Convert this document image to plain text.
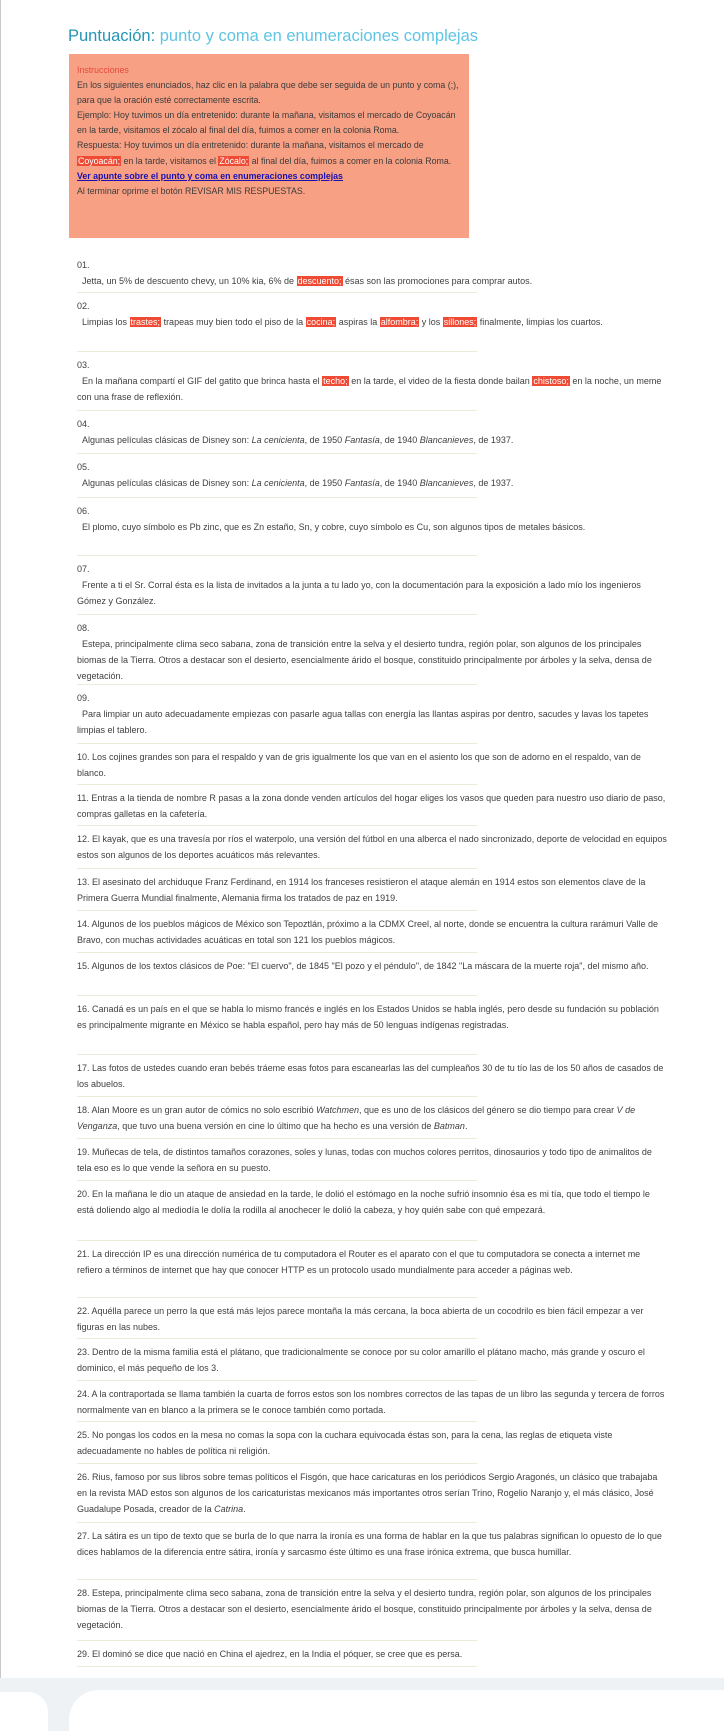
Puntuación: punto y coma en enumeraciones complejas

Instrucciones

En los siguientes enunciados, haz clic en la palabra que debe ser seguida de un punto y coma (;), para que la oración esté correctamente escrita.

Ejemplo: Hoy tuvimos un día entretenido: durante la mañana, visitamos el mercado de Coyoacán en la tarde, visitamos el zócalo al final del día, fuimos a comer en la colonia Roma.

Respuesta: Hoy tuvimos un día entretenido: durante la mañana, visitamos el mercado de Coyoacán; en la tarde, visitamos el Zócalo; al final del día, fuimos a comer en la colonia Roma.

Ver apunte sobre el punto y coma en enumeraciones complejas

Al terminar oprime el botón REVISAR MIS RESPUESTAS.

01.
Jetta, un 5% de descuento chevy, un 10% kia, 6% de descuento; ésas son las promociones para comprar autos.
02.
Limpias los trastes; trapeas muy bien todo el piso de la cocina; aspiras la alfombra; y los sillones; finalmente, limpias los cuartos.
03.
En la mañana compartí el GIF del gatito que brinca hasta el techo; en la tarde, el video de la fiesta donde bailan chistoso; en la noche, un meme con una frase de reflexión.
04.
Algunas películas clásicas de Disney son: La cenicienta, de 1950 Fantasía, de 1940 Blancanieves, de 1937.
05.
Algunas películas clásicas de Disney son: La cenicienta, de 1950 Fantasía, de 1940 Blancanieves, de 1937.
06.
El plomo, cuyo símbolo es Pb zinc, que es Zn estaño, Sn, y cobre, cuyo símbolo es Cu, son algunos tipos de metales básicos.
07.
Frente a ti el Sr. Corral ésta es la lista de invitados a la junta a tu lado yo, con la documentación para la exposición a lado mío los ingenieros Gómez y González.
08.
Estepa, principalmente clima seco sabana, zona de transición entre la selva y el desierto tundra, región polar, son algunos de los principales biomas de la Tierra. Otros a destacar son el desierto, esencialmente árido el bosque, constituido principalmente por árboles y la selva, densa de vegetación.
09.
Para limpiar un auto adecuadamente empiezas con pasarle agua tallas con energía las llantas aspiras por dentro, sacudes y lavas los tapetes limpias el tablero.
10. Los cojines grandes son para el respaldo y van de gris igualmente los que van en el asiento los que son de adorno en el respaldo, van de blanco.
11. Entras a la tienda de nombre R pasas a la zona donde venden artículos del hogar eliges los vasos que queden para nuestro uso diario de paso, compras galletas en la cafetería.
12. El kayak, que es una travesía por ríos el waterpolo, una versión del fútbol en una alberca el nado sincronizado, deporte de velocidad en equipos estos son algunos de los deportes acuáticos más relevantes.
13. El asesinato del archiduque Franz Ferdinand, en 1914 los franceses resistieron el ataque alemán en 1914 estos son elementos clave de la Primera Guerra Mundial finalmente, Alemania firma los tratados de paz en 1919.
14. Algunos de los pueblos mágicos de México son Tepoztlán, próximo a la CDMX Creel, al norte, donde se encuentra la cultura rarámuri Valle de Bravo, con muchas actividades acuáticas en total son 121 los pueblos mágicos.
15. Algunos de los textos clásicos de Poe: "El cuervo", de 1845 "El pozo y el péndulo", de 1842 "La máscara de la muerte roja", del mismo año.
16. Canadá es un país en el que se habla lo mismo francés e inglés en los Estados Unidos se habla inglés, pero desde su fundación su población es principalmente migrante en México se habla español, pero hay más de 50 lenguas indígenas registradas.
17. Las fotos de ustedes cuando eran bebés tráeme esas fotos para escanearlas las del cumpleaños 30 de tu tío las de los 50 años de casados de los abuelos.
18. Alan Moore es un gran autor de cómics no solo escribió Watchmen, que es uno de los clásicos del género se dio tiempo para crear V de Venganza, que tuvo una buena versión en cine lo último que ha hecho es una versión de Batman.
19. Muñecas de tela, de distintos tamaños corazones, soles y lunas, todas con muchos colores perritos, dinosaurios y todo tipo de animalitos de tela eso es lo que vende la señora en su puesto.
20. En la mañana le dio un ataque de ansiedad en la tarde, le dolió el estómago en la noche sufrió insomnio ésa es mi tía, que todo el tiempo le está doliendo algo al mediodía le dolía la rodilla al anochecer le dolió la cabeza, y hoy quién sabe con qué empezará.
21. La dirección IP es una dirección numérica de tu computadora el Router es el aparato con el que tu computadora se conecta a internet me refiero a términos de internet que hay que conocer HTTP es un protocolo usado mundialmente para acceder a páginas web.
22. Aquélla parece un perro la que está más lejos parece montaña la más cercana, la boca abierta de un cocodrilo es bien fácil empezar a ver figuras en las nubes.
23. Dentro de la misma familia está el plátano, que tradicionalmente se conoce por su color amarillo el plátano macho, más grande y oscuro el dominico, el más pequeño de los 3.
24. A la contraportada se llama también la cuarta de forros estos son los nombres correctos de las tapas de un libro las segunda y tercera de forros normalmente van en blanco a la primera se le conoce también como portada.
25. No pongas los codos en la mesa no comas la sopa con la cuchara equivocada éstas son, para la cena, las reglas de etiqueta viste adecuadamente no hables de política ni religión.
26. Rius, famoso por sus libros sobre temas políticos el Fisgón, que hace caricaturas en los periódicos Sergio Aragonés, un clásico que trabajaba en la revista MAD estos son algunos de los caricaturistas mexicanos más importantes otros serían Trino, Rogelio Naranjo y, el más clásico, José Guadalupe Posada, creador de la Catrina.
27. La sátira es un tipo de texto que se burla de lo que narra la ironía es una forma de hablar en la que tus palabras significan lo opuesto de lo que dices hablamos de la diferencia entre sátira, ironía y sarcasmo éste último es una frase irónica extrema, que busca humillar.
28. Estepa, principalmente clima seco sabana, zona de transición entre la selva y el desierto tundra, región polar, son algunos de los principales biomas de la Tierra. Otros a destacar son el desierto, esencialmente árido el bosque, constituido principalmente por árboles y la selva, densa de vegetación.
29. El dominó se dice que nació en China el ajedrez, en la India el póquer, se cree que es persa.
